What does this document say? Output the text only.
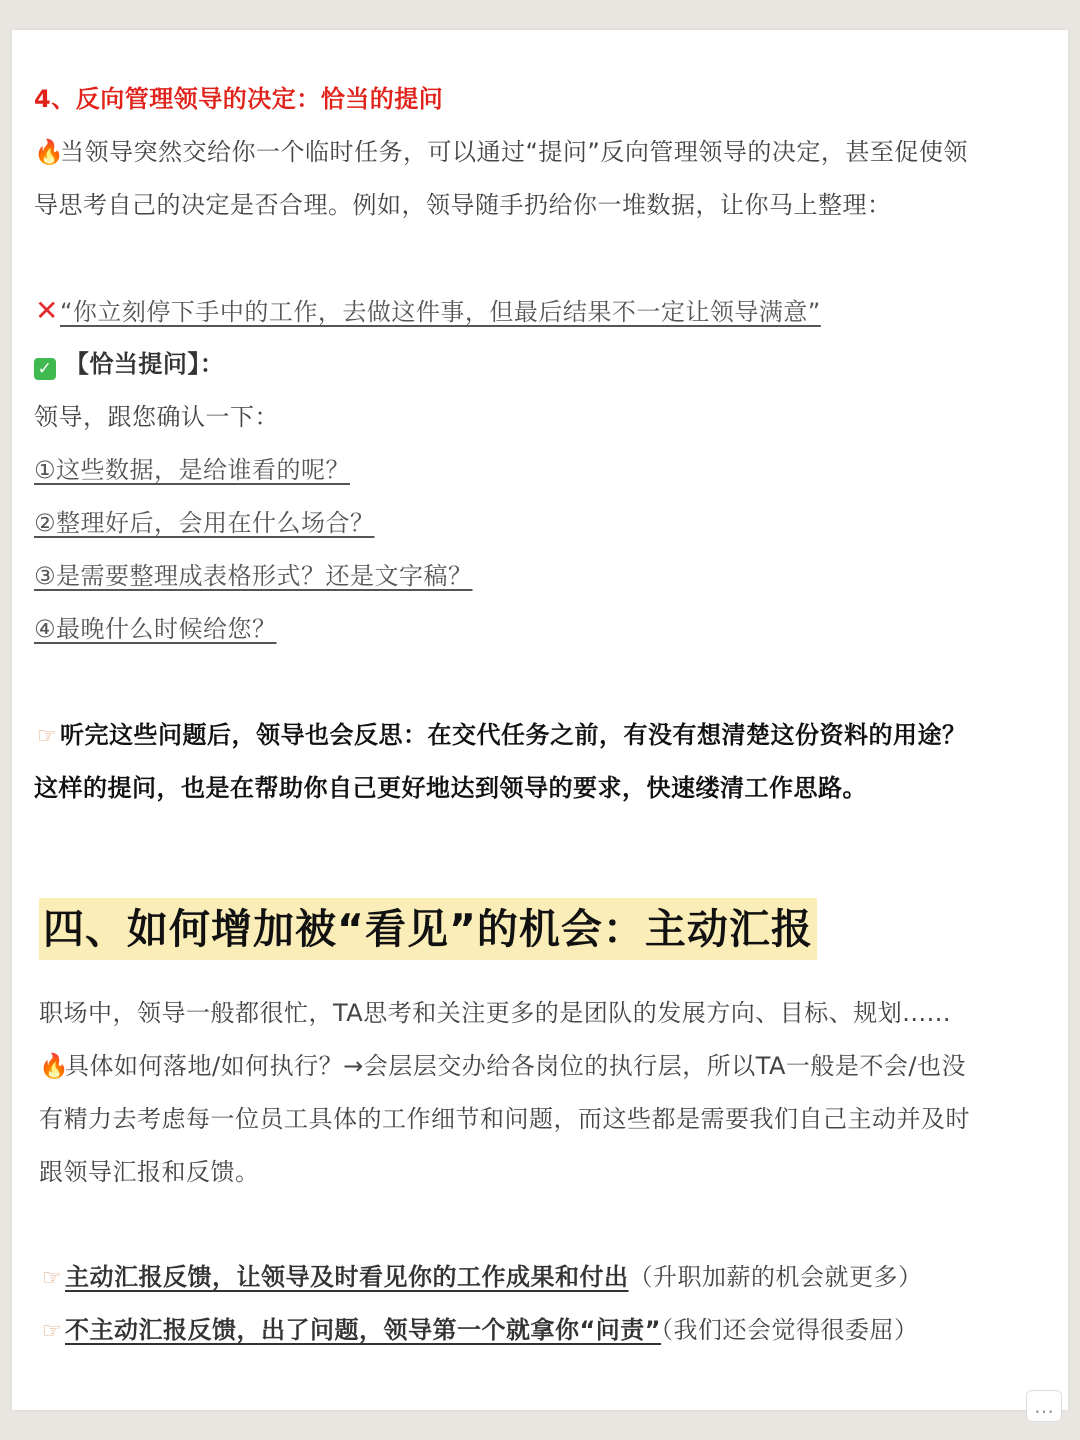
4、反向管理领导的决定：恰当的提问
🔥当领导突然交给你一个临时任务，可以通过“提问”反向管理领导的决定，甚至促使领
导思考自己的决定是否合理。例如，领导随手扔给你一堆数据，让你马上整理：
✕“你立刻停下手中的工作，去做这件事，但最后结果不一定让领导满意”
✓ 【恰当提问】：
领导，跟您确认一下：
①这些数据，是给谁看的呢？
②整理好后，会用在什么场合？
③是需要整理成表格形式？还是文字稿？
④最晚什么时候给您？
☞ 听完这些问题后，领导也会反思：在交代任务之前，有没有想清楚这份资料的用途？
这样的提问，也是在帮助你自己更好地达到领导的要求，快速缕清工作思路。
四、如何增加被“看见”的机会：主动汇报
职场中，领导一般都很忙，TA思考和关注更多的是团队的发展方向、目标、规划......
🔥具体如何落地/如何执行？→会层层交办给各岗位的执行层，所以TA一般是不会/也没
有精力去考虑每一位员工具体的工作细节和问题，而这些都是需要我们自己主动并及时
跟领导汇报和反馈。
☞ 主动汇报反馈，让领导及时看见你的工作成果和付出（升职加薪的机会就更多）
☞ 不主动汇报反馈，出了问题，领导第一个就拿你“问责”（我们还会觉得很委屈）
…
